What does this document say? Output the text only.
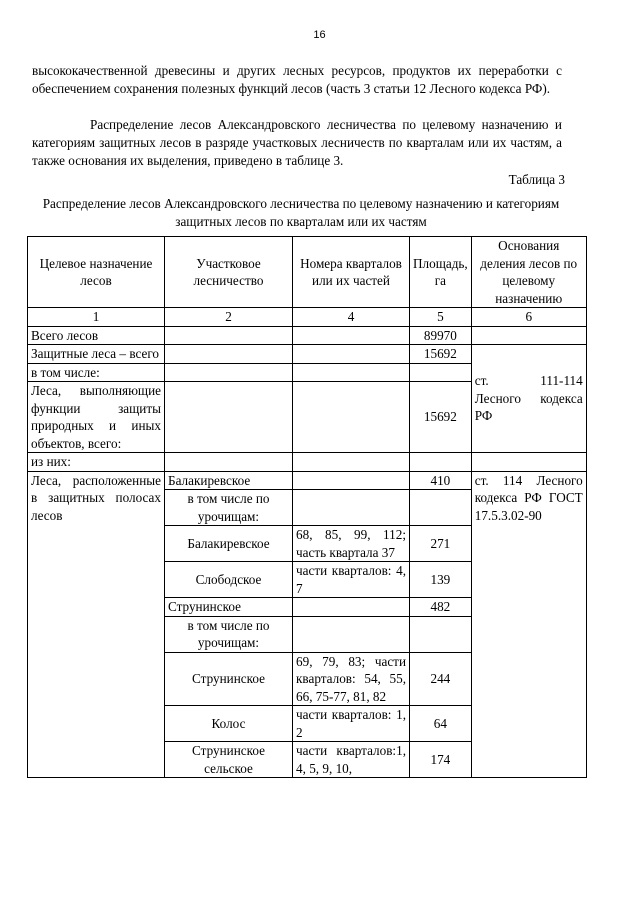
16

высококачественной древесины и других лесных ресурсов, продуктов их переработки с обеспечением сохранения полезных функций лесов (часть 3 статьи 12 Лесного кодекса РФ).

Распределение лесов Александровского лесничества по целевому назначению и категориям защитных лесов в разряде участковых лесничеств по кварталам или их частям, а также основания их выделения, приведено в таблице 3.

Таблица 3

Распределение лесов Александровского лесничества по целевому назначению и категориям защитных лесов по кварталам или их частям

Целевое назначение лесов	Участковое лесничество	Номера кварталов или их частей	Площадь, га	Основания деления лесов по целевому назначению
1	2	4	5	6
Всего лесов			89970	
Защитные леса – всего			15692	ст. 111-114 Лесного кодекса РФ
в том числе:				
Леса, выполняющие функции защиты природных и иных объектов, всего:			15692	
из них:				
Леса, расположенные в защитных полосах лесов	Балакиревское		410	ст. 114 Лесного кодекса РФ ГОСТ 17.5.3.02-90
	в том числе по урочищам:			
	Балакиревское	68, 85, 99, 112; часть квартала 37	271	
	Слободское	части кварталов: 4, 7	139	
	Струнинское		482	
	в том числе по урочищам:			
	Струнинское	69, 79, 83; части кварталов: 54, 55, 66, 75-77, 81, 82	244	
	Колос	части кварталов: 1, 2	64	
	Струнинское сельское	части кварталов:1, 4, 5, 9, 10,	174	
